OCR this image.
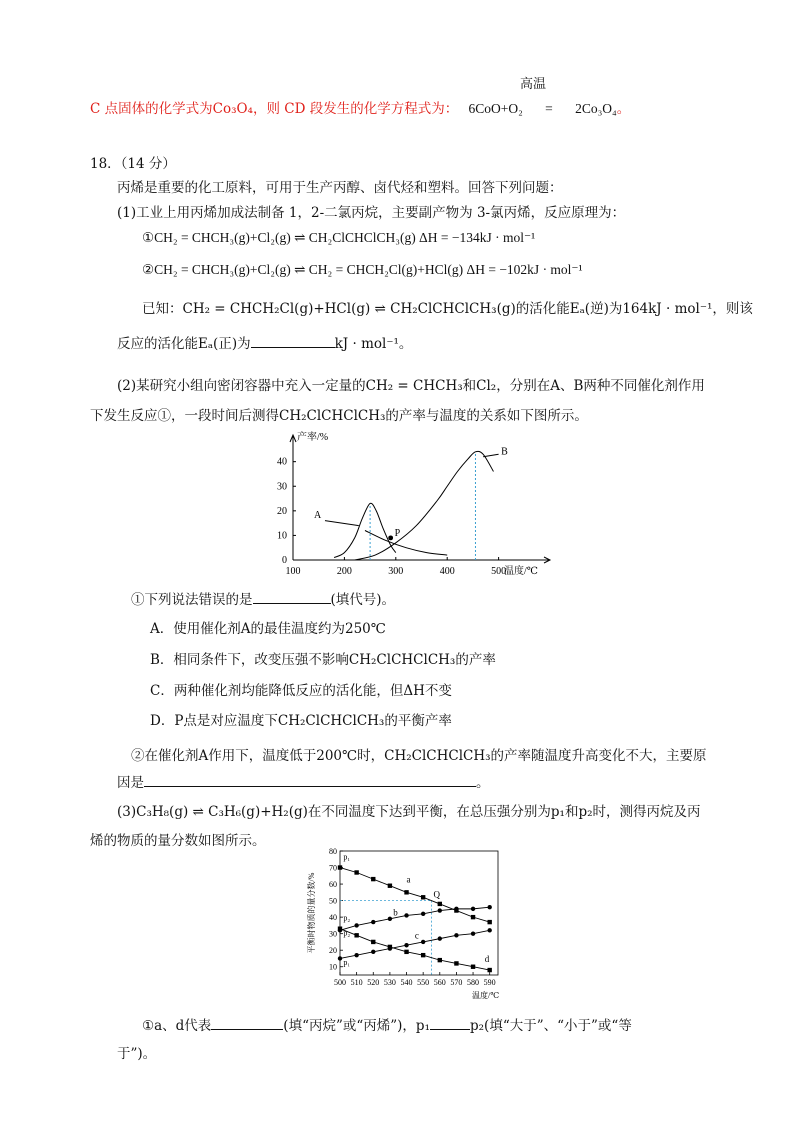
高温
C 点固体的化学式为Co₃O₄，则 CD 段发生的化学方程式为： 6CoO+O₂ = 2Co₃O₄。
18．（14 分）
丙烯是重要的化工原料，可用于生产丙醇、卤代烃和塑料。回答下列问题：
(1)工业上用丙烯加成法制备 1，2-二氯丙烷，主要副产物为 3-氯丙烯，反应原理为：
①CH₂ = CHCH₃(g)+Cl₂(g) ⇌ CH₂ClCHClCH₃(g) ΔH = −134kJ · mol⁻¹
②CH₂ = CHCH₃(g)+Cl₂(g) ⇌ CH₂ = CHCH₂Cl(g)+HCl(g) ΔH = −102kJ · mol⁻¹
已知：CH₂ = CHCH₂Cl(g)+HCl(g) ⇌ CH₂ClCHClCH₃(g)的活化能Eₐ(逆)为164kJ · mol⁻¹，则该
反应的活化能Eₐ(正)为	kJ · mol⁻¹。
(2)某研究小组向密闭容器中充入一定量的CH₂ = CHCH₃和Cl₂，分别在A、B两种不同催化剂作用
下发生反应①，一段时间后测得CH₂ClCHClCH₃的产率与温度的关系如下图所示。
100	200	300	400	500
0
10
20
30
40
产率/%
温度/℃
P
A
B
①下列说法错误的是	(填代号)。
A．使用催化剂A的最佳温度约为250℃
B．相同条件下，改变压强不影响CH₂ClCHClCH₃的产率
C．两种催化剂均能降低反应的活化能，但ΔH不变
D．P点是对应温度下CH₂ClCHClCH₃的平衡产率
②在催化剂A作用下，温度低于200℃时，CH₂ClCHClCH₃的产率随温度升高变化不大，主要原
因是	。
(3)C₃H₈(g) ⇌ C₃H₆(g)+H₂(g)在不同温度下达到平衡，在总压强分别为p₁和p₂时，测得丙烷及丙
烯的物质的量分数如图所示。
500 510 520 530 540 550 560 570 580 590
10
20
30
40
50
60
70
80
平衡时物质的量分数/%
温度/℃
a
b
c
d
p₁
p₂
p₂
p₁
Q
①a、d代表	(填“丙烷”或“丙烯”)，p₁	p₂(填“大于”、“小于”或“等
于”)。
